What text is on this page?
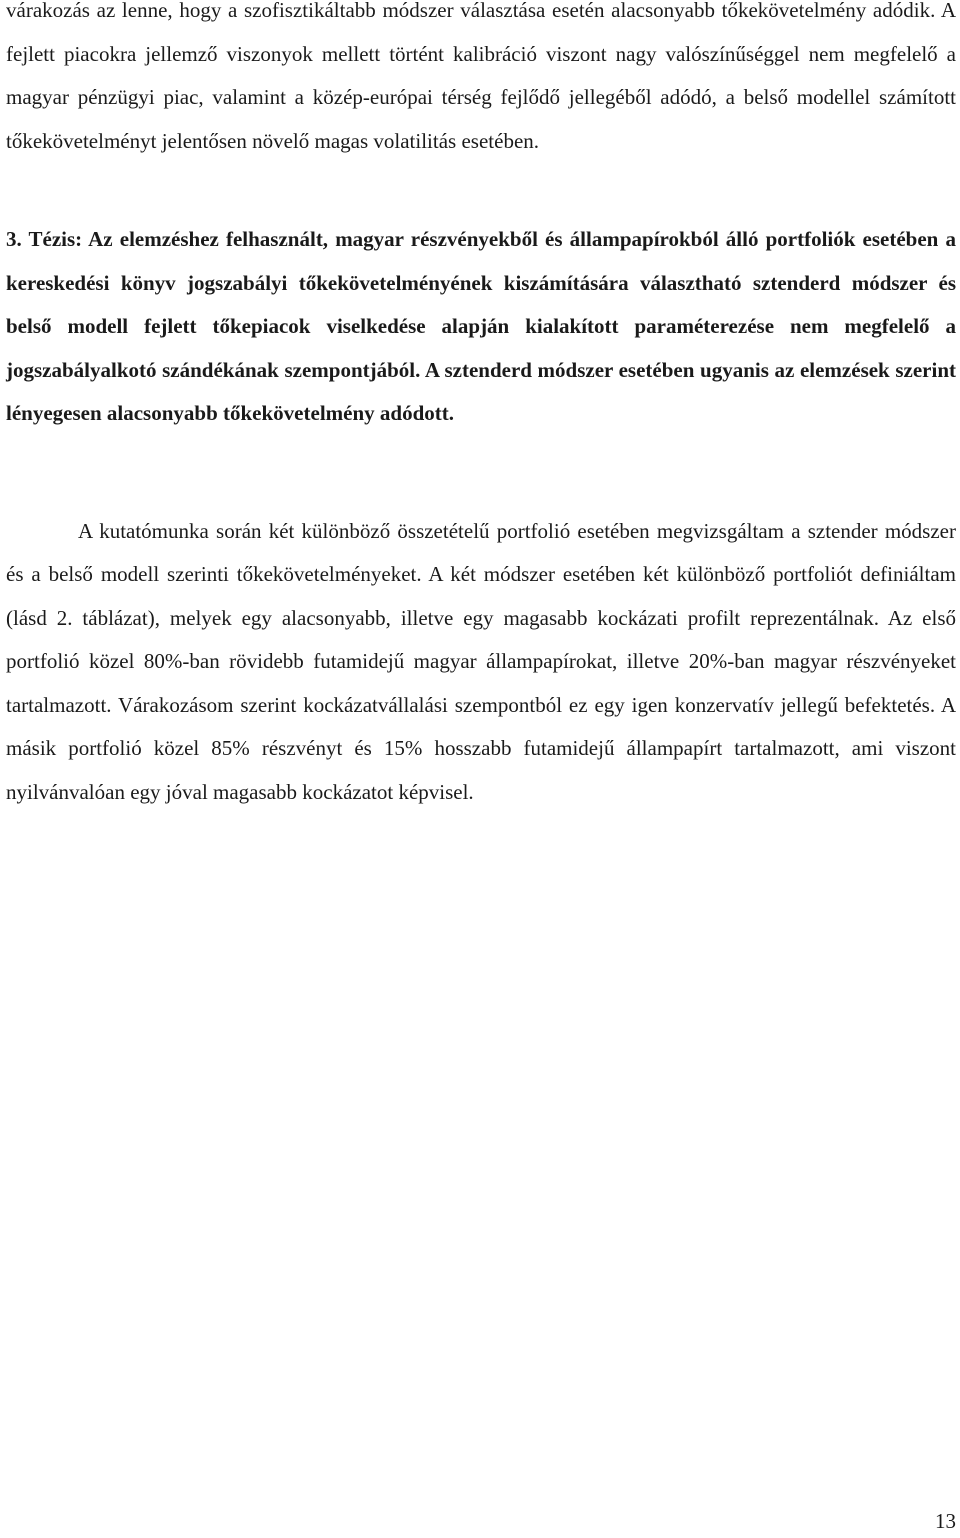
várakozás az lenne, hogy a szofisztikáltabb módszer választása esetén alacsonyabb tőkekövetelmény adódik. A fejlett piacokra jellemző viszonyok mellett történt kalibráció viszont nagy valószínűséggel nem megfelelő a magyar pénzügyi piac, valamint a közép-európai térség fejlődő jellegéből adódó, a belső modellel számított tőkekövetelményt jelentősen növelő magas volatilitás esetében.

3. Tézis: Az elemzéshez felhasznált, magyar részvényekből és állampapírokból álló portfoliók esetében a kereskedési könyv jogszabályi tőkekövetelményének kiszámítására választható sztenderd módszer és belső modell fejlett tőkepiacok viselkedése alapján kialakított paraméterezése nem megfelelő a jogszabályalkotó szándékának szempontjából. A sztenderd módszer esetében ugyanis az elemzések szerint lényegesen alacsonyabb tőkekövetelmény adódott.

A kutatómunka során két különböző összetételű portfolió esetében megvizsgáltam a sztender módszer és a belső modell szerinti tőkekövetelményeket. A két módszer esetében két különböző portfoliót definiáltam (lásd 2. táblázat), melyek egy alacsonyabb, illetve egy magasabb kockázati profilt reprezentálnak. Az első portfolió közel 80%-ban rövidebb futamidejű magyar állampapírokat, illetve 20%-ban magyar részvényeket tartalmazott. Várakozásom szerint kockázatvállalási szempontból ez egy igen konzervatív jellegű befektetés. A másik portfolió közel 85% részvényt és 15% hosszabb futamidejű állampapírt tartalmazott, ami viszont nyilvánvalóan egy jóval magasabb kockázatot képvisel.

13
